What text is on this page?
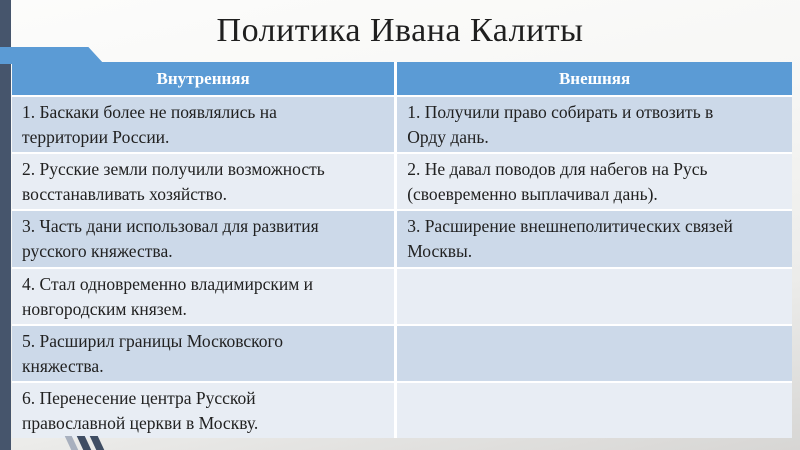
Политика Ивана Калиты
Внутренняя	Внешняя
1. Баскаки более не появлялись на
территории России.
1. Получили право собирать и отвозить в
Орду дань.
2. Русские земли получили возможность
восстанавливать хозяйство.
2. Не давал поводов для набегов на Русь
(своевременно выплачивал дань).
3. Часть дани использовал для развития
русского княжества.
3. Расширение внешнеполитических связей
Москвы.
4. Стал одновременно владимирским и
новгородским князем.
5. Расширил границы Московского
княжества.
6. Перенесение центра Русской
православной церкви в Москву.
